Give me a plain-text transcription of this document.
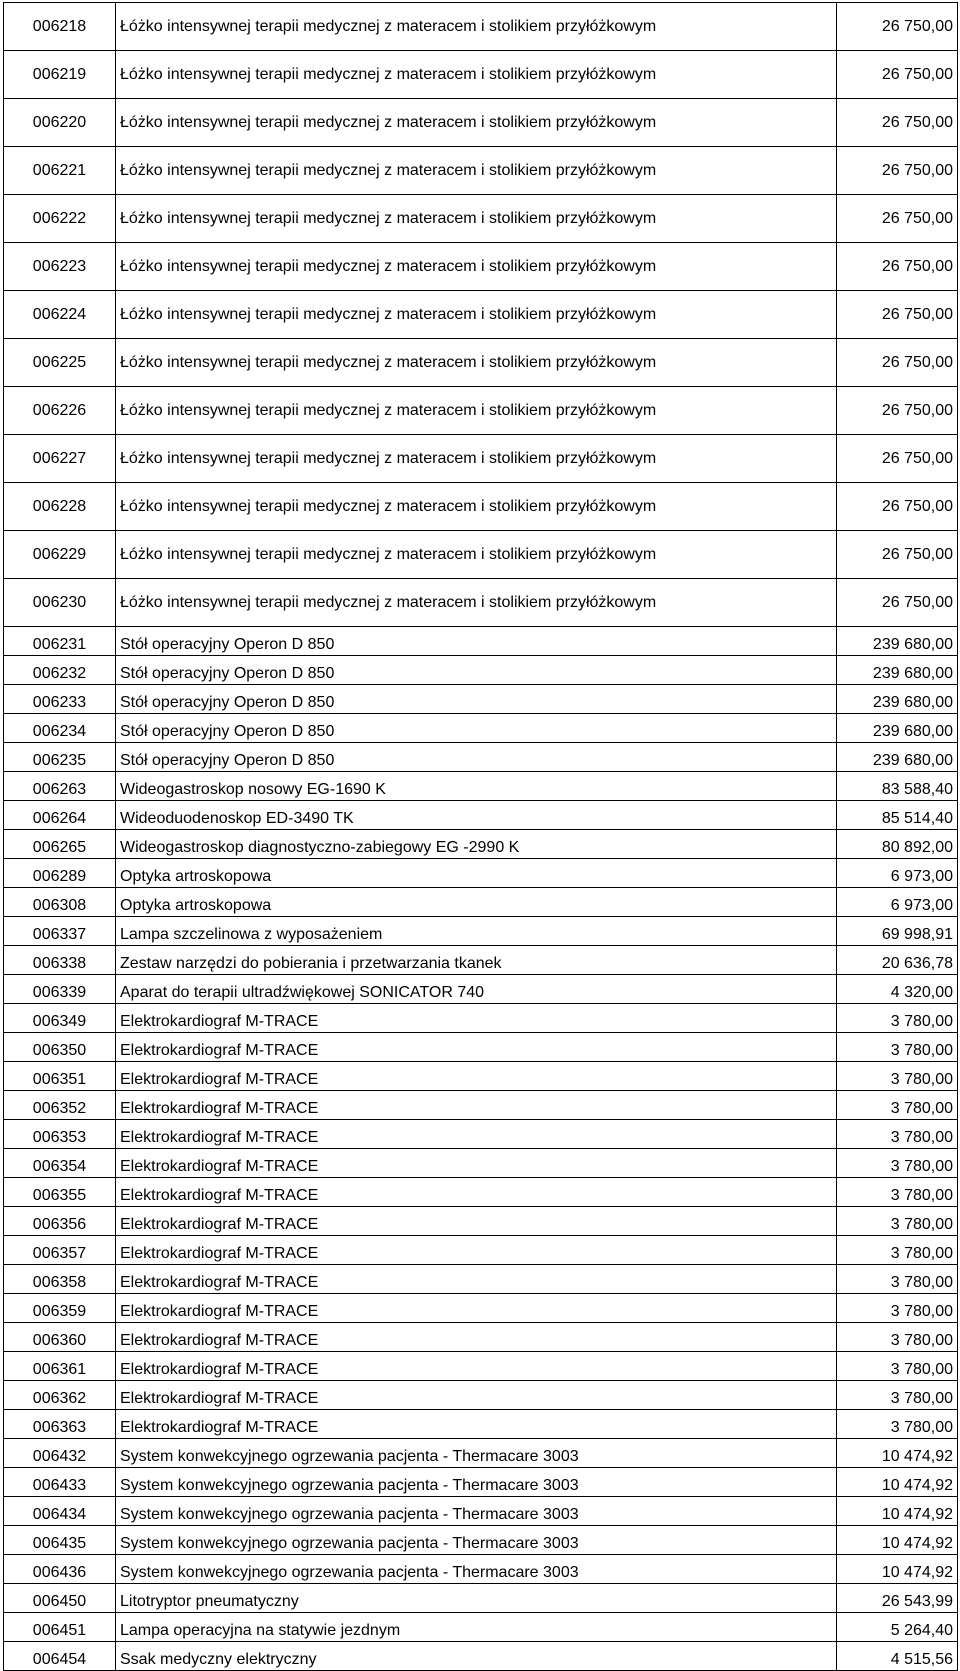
006218	Łóżko intensywnej terapii medycznej z materacem i stolikiem przyłóżkowym	26 750,00
006219	Łóżko intensywnej terapii medycznej z materacem i stolikiem przyłóżkowym	26 750,00
006220	Łóżko intensywnej terapii medycznej z materacem i stolikiem przyłóżkowym	26 750,00
006221	Łóżko intensywnej terapii medycznej z materacem i stolikiem przyłóżkowym	26 750,00
006222	Łóżko intensywnej terapii medycznej z materacem i stolikiem przyłóżkowym	26 750,00
006223	Łóżko intensywnej terapii medycznej z materacem i stolikiem przyłóżkowym	26 750,00
006224	Łóżko intensywnej terapii medycznej z materacem i stolikiem przyłóżkowym	26 750,00
006225	Łóżko intensywnej terapii medycznej z materacem i stolikiem przyłóżkowym	26 750,00
006226	Łóżko intensywnej terapii medycznej z materacem i stolikiem przyłóżkowym	26 750,00
006227	Łóżko intensywnej terapii medycznej z materacem i stolikiem przyłóżkowym	26 750,00
006228	Łóżko intensywnej terapii medycznej z materacem i stolikiem przyłóżkowym	26 750,00
006229	Łóżko intensywnej terapii medycznej z materacem i stolikiem przyłóżkowym	26 750,00
006230	Łóżko intensywnej terapii medycznej z materacem i stolikiem przyłóżkowym	26 750,00
006231	Stół operacyjny Operon D 850	239 680,00
006232	Stół operacyjny Operon D 850	239 680,00
006233	Stół operacyjny Operon D 850	239 680,00
006234	Stół operacyjny Operon D 850	239 680,00
006235	Stół operacyjny Operon D 850	239 680,00
006263	Wideogastroskop nosowy EG-1690 K	83 588,40
006264	Wideoduodenoskop ED-3490 TK	85 514,40
006265	Wideogastroskop diagnostyczno-zabiegowy EG -2990 K	80 892,00
006289	Optyka artroskopowa	6 973,00
006308	Optyka artroskopowa	6 973,00
006337	Lampa szczelinowa z wyposażeniem	69 998,91
006338	Zestaw narzędzi do pobierania i przetwarzania tkanek	20 636,78
006339	Aparat do terapii ultradźwiękowej SONICATOR 740	4 320,00
006349	Elektrokardiograf M-TRACE	3 780,00
006350	Elektrokardiograf M-TRACE	3 780,00
006351	Elektrokardiograf M-TRACE	3 780,00
006352	Elektrokardiograf M-TRACE	3 780,00
006353	Elektrokardiograf M-TRACE	3 780,00
006354	Elektrokardiograf M-TRACE	3 780,00
006355	Elektrokardiograf M-TRACE	3 780,00
006356	Elektrokardiograf M-TRACE	3 780,00
006357	Elektrokardiograf M-TRACE	3 780,00
006358	Elektrokardiograf M-TRACE	3 780,00
006359	Elektrokardiograf M-TRACE	3 780,00
006360	Elektrokardiograf M-TRACE	3 780,00
006361	Elektrokardiograf M-TRACE	3 780,00
006362	Elektrokardiograf M-TRACE	3 780,00
006363	Elektrokardiograf M-TRACE	3 780,00
006432	System konwekcyjnego ogrzewania pacjenta - Thermacare 3003	10 474,92
006433	System konwekcyjnego ogrzewania pacjenta - Thermacare 3003	10 474,92
006434	System konwekcyjnego ogrzewania pacjenta - Thermacare 3003	10 474,92
006435	System konwekcyjnego ogrzewania pacjenta - Thermacare 3003	10 474,92
006436	System konwekcyjnego ogrzewania pacjenta - Thermacare 3003	10 474,92
006450	Litotryptor pneumatyczny	26 543,99
006451	Lampa operacyjna na statywie jezdnym	5 264,40
006454	Ssak medyczny elektryczny	4 515,56
